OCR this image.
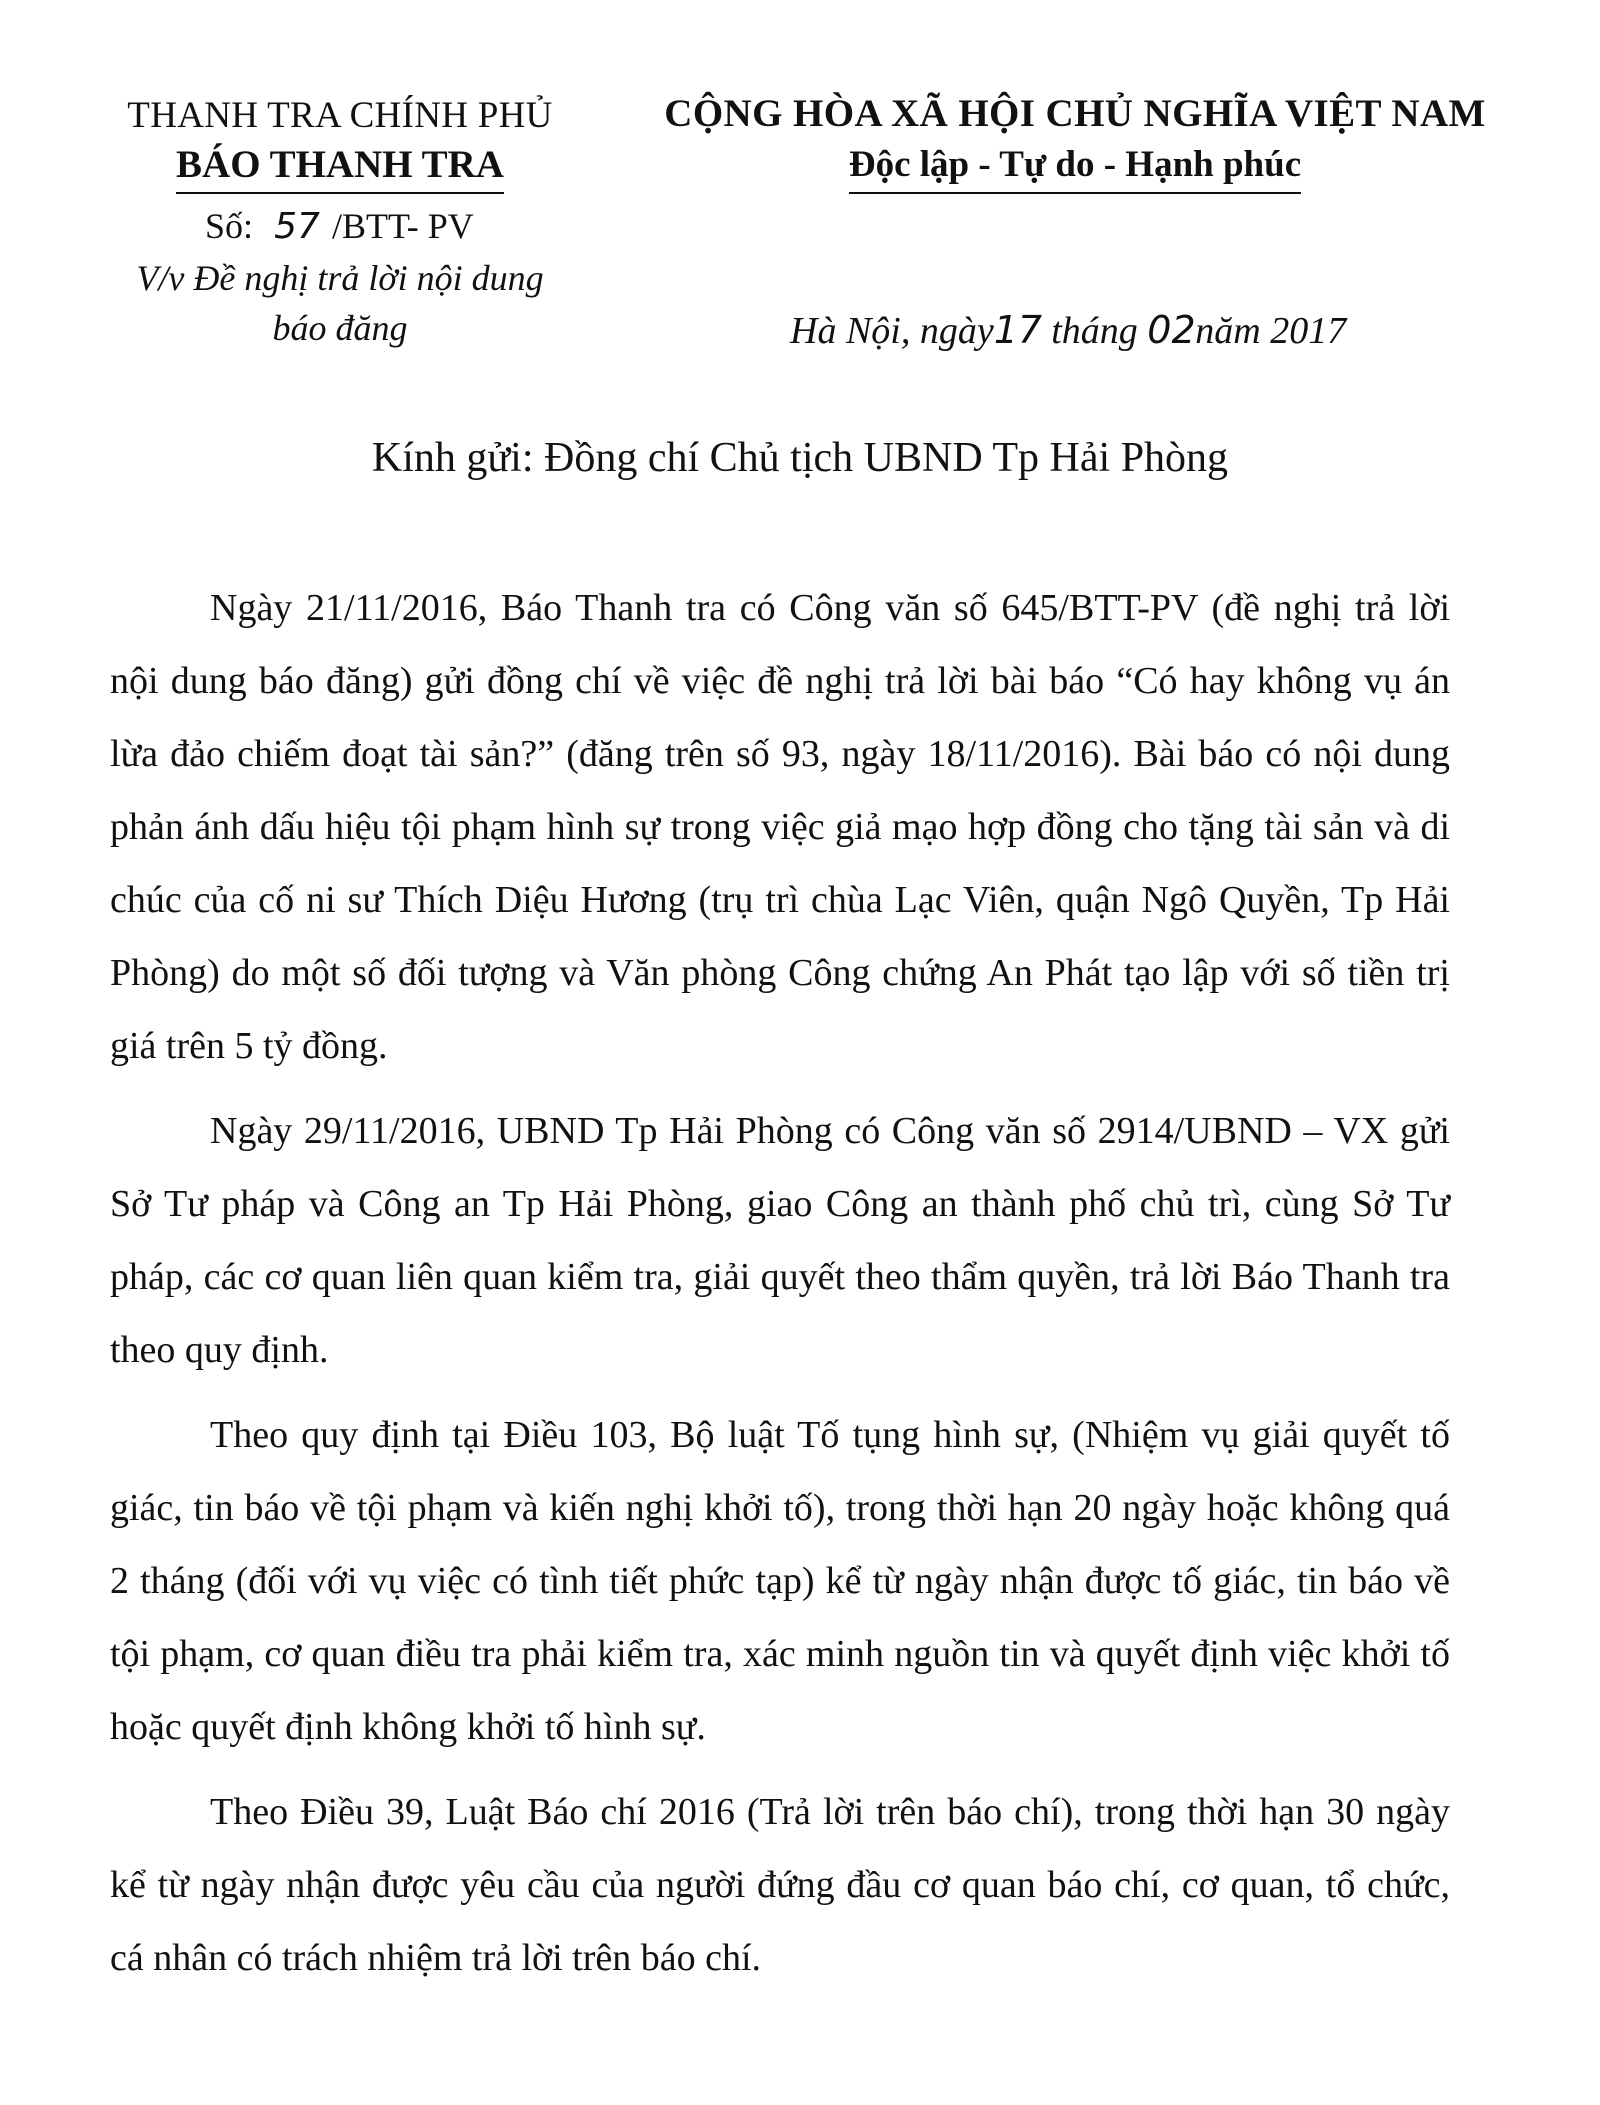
THANH TRA CHÍNH PHỦ
BÁO THANH TRA
Số: 57 /BTT- PV
V/v Đề nghị trả lời nội dung
báo đăng
CỘNG HÒA XÃ HỘI CHỦ NGHĨA VIỆT NAM
Độc lập - Tự do - Hạnh phúc
Hà Nội, ngày17 tháng 02năm 2017
Kính gửi: Đồng chí Chủ tịch UBND Tp Hải Phòng

Ngày 21/11/2016, Báo Thanh tra có Công văn số 645/BTT-PV (đề nghị trả lời nội dung báo đăng) gửi đồng chí về việc đề nghị trả lời bài báo “Có hay không vụ án lừa đảo chiếm đoạt tài sản?” (đăng trên số 93, ngày 18/11/2016). Bài báo có nội dung phản ánh dấu hiệu tội phạm hình sự trong việc giả mạo hợp đồng cho tặng tài sản và di chúc của cố ni sư Thích Diệu Hương (trụ trì chùa Lạc Viên, quận Ngô Quyền, Tp Hải Phòng) do một số đối tượng và Văn phòng Công chứng An Phát tạo lập với số tiền trị giá trên 5 tỷ đồng.

Ngày 29/11/2016, UBND Tp Hải Phòng có Công văn số 2914/UBND – VX gửi Sở Tư pháp và Công an Tp Hải Phòng, giao Công an thành phố chủ trì, cùng Sở Tư pháp, các cơ quan liên quan kiểm tra, giải quyết theo thẩm quyền, trả lời Báo Thanh tra theo quy định.

Theo quy định tại Điều 103, Bộ luật Tố tụng hình sự, (Nhiệm vụ giải quyết tố giác, tin báo về tội phạm và kiến nghị khởi tố), trong thời hạn 20 ngày hoặc không quá 2 tháng (đối với vụ việc có tình tiết phức tạp) kể từ ngày nhận được tố giác, tin báo về tội phạm, cơ quan điều tra phải kiểm tra, xác minh nguồn tin và quyết định việc khởi tố hoặc quyết định không khởi tố hình sự.

Theo Điều 39, Luật Báo chí 2016 (Trả lời trên báo chí), trong thời hạn 30 ngày kể từ ngày nhận được yêu cầu của người đứng đầu cơ quan báo chí, cơ quan, tổ chức, cá nhân có trách nhiệm trả lời trên báo chí.
